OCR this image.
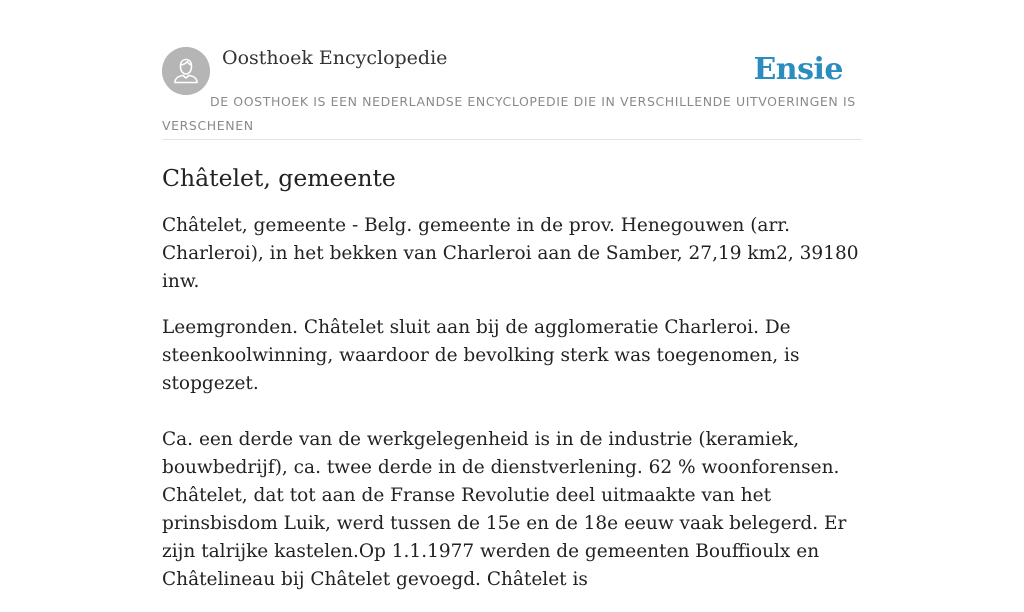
Oosthoek Encyclopedie	Ensie
DE OOSTHOEK IS EEN NEDERLANDSE ENCYCLOPEDIE DIE IN VERSCHILLENDE UITVOERINGEN IS VERSCHENEN
Châtelet, gemeente

Châtelet, gemeente - Belg. gemeente in de prov. Henegouwen (arr. Charleroi), in het bekken van Charleroi aan de Samber, 27,19 km2, 39180 inw.

Leemgronden. Châtelet sluit aan bij de agglomeratie Charleroi. De steenkoolwinning, waardoor de bevolking sterk was toegenomen, is stopgezet.

Ca. een derde van de werkgelegenheid is in de industrie (keramiek, bouwbedrijf), ca. twee derde in de dienstverlening. 62 % woonforensen. Châtelet, dat tot aan de Franse Revolutie deel uitmaakte van het prinsbisdom Luik, werd tussen de 15e en de 18e eeuw vaak belegerd. Er zijn talrijke kastelen.Op 1.1.1977 werden de gemeenten Bouffioulx en Châtelineau bij Châtelet gevoegd. Châtelet is
